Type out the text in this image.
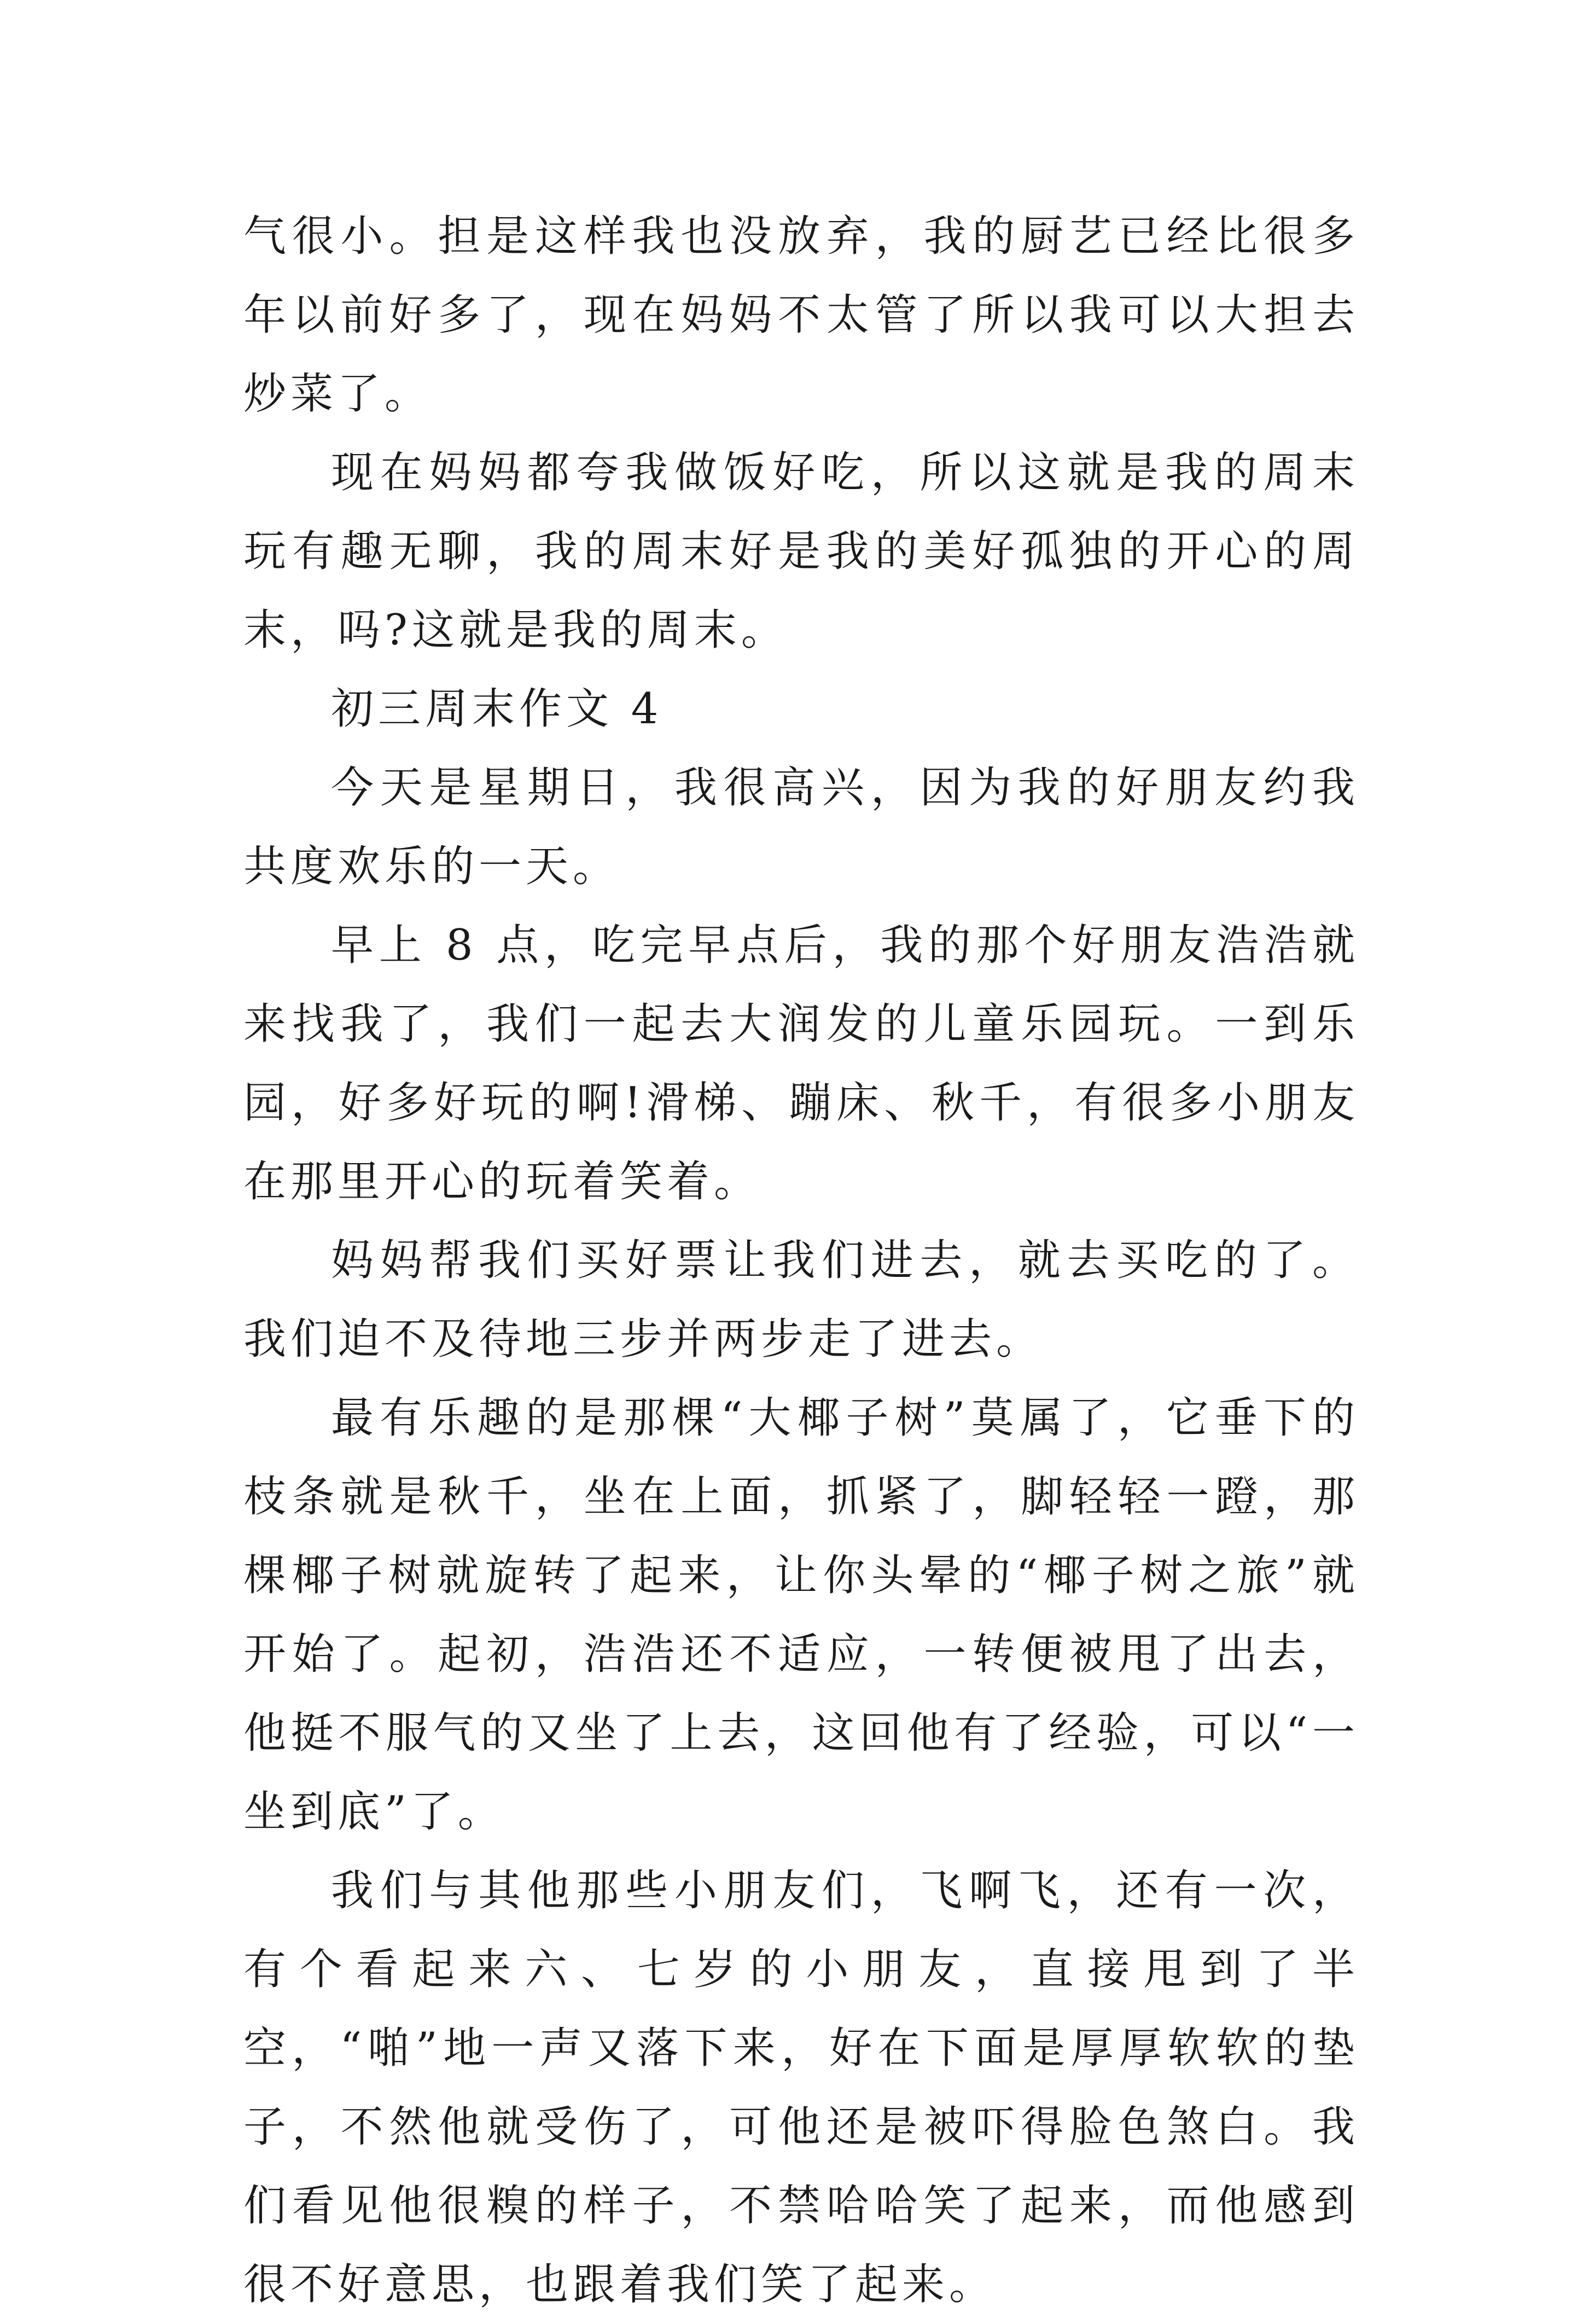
气很小。担是这样我也没放弃，我的厨艺已经比很多年以前好多了，现在妈妈不太管了所以我可以大担去炒菜了。

现在妈妈都夸我做饭好吃，所以这就是我的周末玩有趣无聊，我的周末好是我的美好孤独的开心的周末，吗?这就是我的周末。

初三周末作文 4

今天是星期日，我很高兴，因为我的好朋友约我共度欢乐的一天。

早上 8 点，吃完早点后，我的那个好朋友浩浩就来找我了，我们一起去大润发的儿童乐园玩。一到乐园，好多好玩的啊!滑梯、蹦床、秋千，有很多小朋友在那里开心的玩着笑着。

妈妈帮我们买好票让我们进去，就去买吃的了。我们迫不及待地三步并两步走了进去。

最有乐趣的是那棵“大椰子树”莫属了，它垂下的枝条就是秋千，坐在上面，抓紧了，脚轻轻一蹬，那棵椰子树就旋转了起来，让你头晕的“椰子树之旅”就开始了。起初，浩浩还不适应，一转便被甩了出去，他挺不服气的又坐了上去，这回他有了经验，可以“一坐到底”了。

我们与其他那些小朋友们，飞啊飞，还有一次，有个看起来六、七岁的小朋友，直接甩到了半空，“啪”地一声又落下来，好在下面是厚厚软软的垫子，不然他就受伤了，可他还是被吓得脸色煞白。我们看见他很糗的样子，不禁哈哈笑了起来，而他感到很不好意思，也跟着我们笑了起来。
